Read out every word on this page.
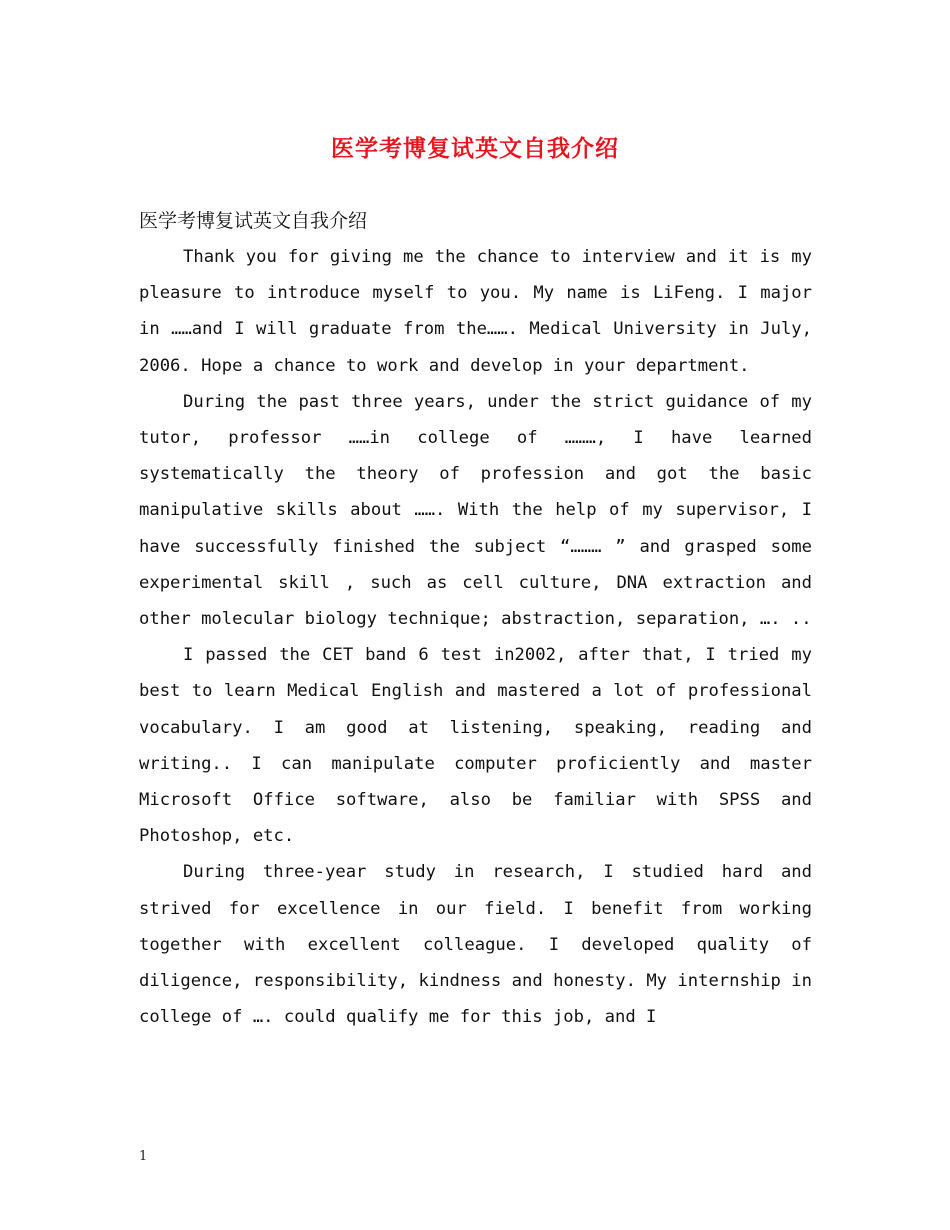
医学考博复试英文自我介绍

医学考博复试英文自我介绍

Thank you for giving me the chance to interview and it is my pleasure to introduce myself to you. My name is LiFeng. I major in ……and I will graduate from the……. Medical University in July, 2006. Hope a chance to work and develop in your department.

During the past three years, under the strict guidance of my tutor, professor ……in college of ………, I have learned systematically the theory of profession and got the basic manipulative skills about ……. With the help of my supervisor, I have successfully finished the subject “……… ” and grasped some experimental skill , such as cell culture, DNA extraction and other molecular biology technique; abstraction, separation, …. ..

I passed the CET band 6 test in2002, after that, I tried my best to learn Medical English and mastered a lot of professional vocabulary. I am good at listening, speaking, reading and writing.. I can manipulate computer proficiently and master Microsoft Office software, also be familiar with SPSS and Photoshop, etc.

During three-year study in research, I studied hard and strived for excellence in our field. I benefit from working together with excellent colleague. I developed quality of diligence, responsibility, kindness and honesty. My internship in college of …. could qualify me for this job, and I

1
